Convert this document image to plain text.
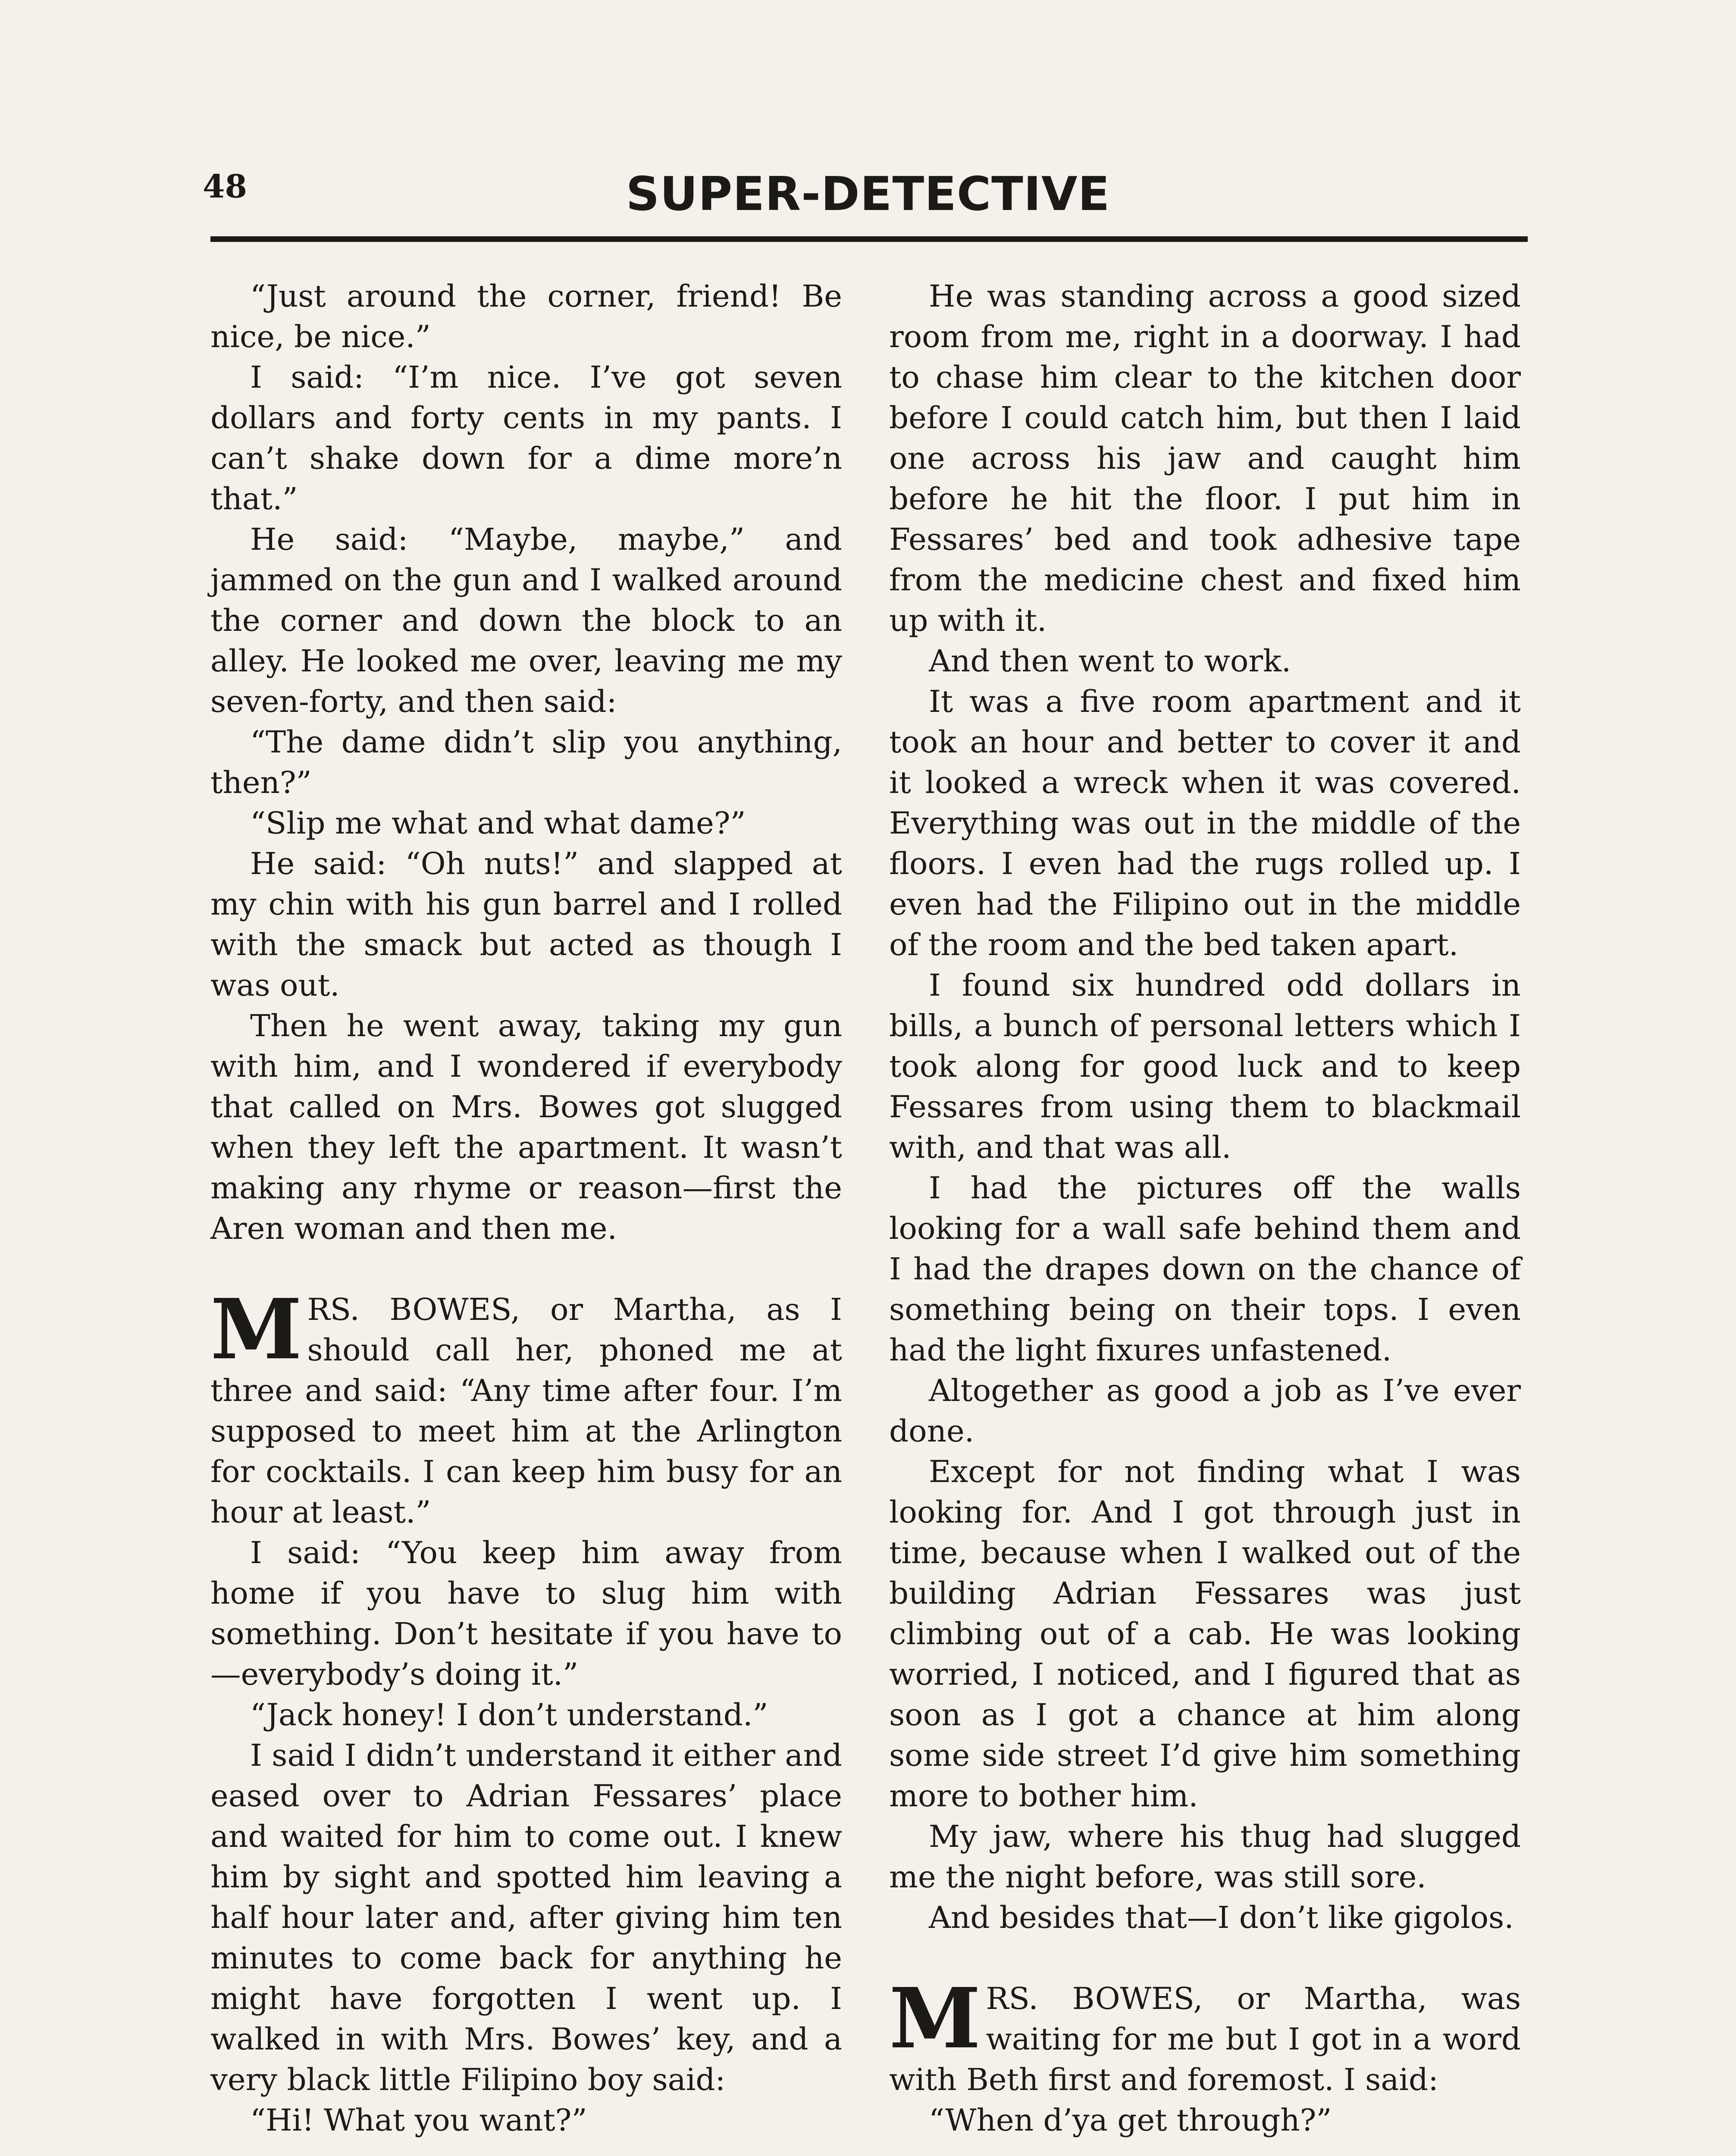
48	SUPER-DETECTIVE

“Just around the corner, friend! Be nice, be nice.”

I said: “I’m nice. I’ve got seven dollars and forty cents in my pants. I can’t shake down for a dime more’n that.”

He said: “Maybe, maybe,” and jammed on the gun and I walked around the corner and down the block to an alley. He looked me over, leaving me my seven-forty, and then said:

“The dame didn’t slip you anything, then?”

“Slip me what and what dame?”

He said: “Oh nuts!” and slapped at my chin with his gun barrel and I rolled with the smack but acted as though I was out.

Then he went away, taking my gun with him, and I wondered if everybody that called on Mrs. Bowes got slugged when they left the apartment. It wasn’t making any rhyme or reason—first the Aren woman and then me.

MRS. BOWES, or Martha, as I should call her, phoned me at three and said: “Any time after four. I’m supposed to meet him at the Arlington for cocktails. I can keep him busy for an hour at least.”

I said: “You keep him away from home if you have to slug him with something. Don’t hesitate if you have to—everybody’s doing it.”

“Jack honey! I don’t understand.”

I said I didn’t understand it either and eased over to Adrian Fessares’ place and waited for him to come out. I knew him by sight and spotted him leaving a half hour later and, after giving him ten minutes to come back for anything he might have forgotten I went up. I walked in with Mrs. Bowes’ key, and a very black little Filipino boy said:

“Hi! What you want?”

He was standing across a good sized room from me, right in a doorway. I had to chase him clear to the kitchen door before I could catch him, but then I laid one across his jaw and caught him before he hit the floor. I put him in Fessares’ bed and took adhesive tape from the medicine chest and fixed him up with it.

And then went to work.

It was a five room apartment and it took an hour and better to cover it and it looked a wreck when it was covered. Everything was out in the middle of the floors. I even had the rugs rolled up. I even had the Filipino out in the middle of the room and the bed taken apart.

I found six hundred odd dollars in bills, a bunch of personal letters which I took along for good luck and to keep Fessares from using them to blackmail with, and that was all.

I had the pictures off the walls looking for a wall safe behind them and I had the drapes down on the chance of something being on their tops. I even had the light fixures unfastened.

Altogether as good a job as I’ve ever done.

Except for not finding what I was looking for. And I got through just in time, because when I walked out of the building Adrian Fessares was just climbing out of a cab. He was looking worried, I noticed, and I figured that as soon as I got a chance at him along some side street I’d give him something more to bother him.

My jaw, where his thug had slugged me the night before, was still sore.

And besides that—I don’t like gigolos.

MRS. BOWES, or Martha, was waiting for me but I got in a word with Beth first and foremost. I said:

“When d’ya get through?”
